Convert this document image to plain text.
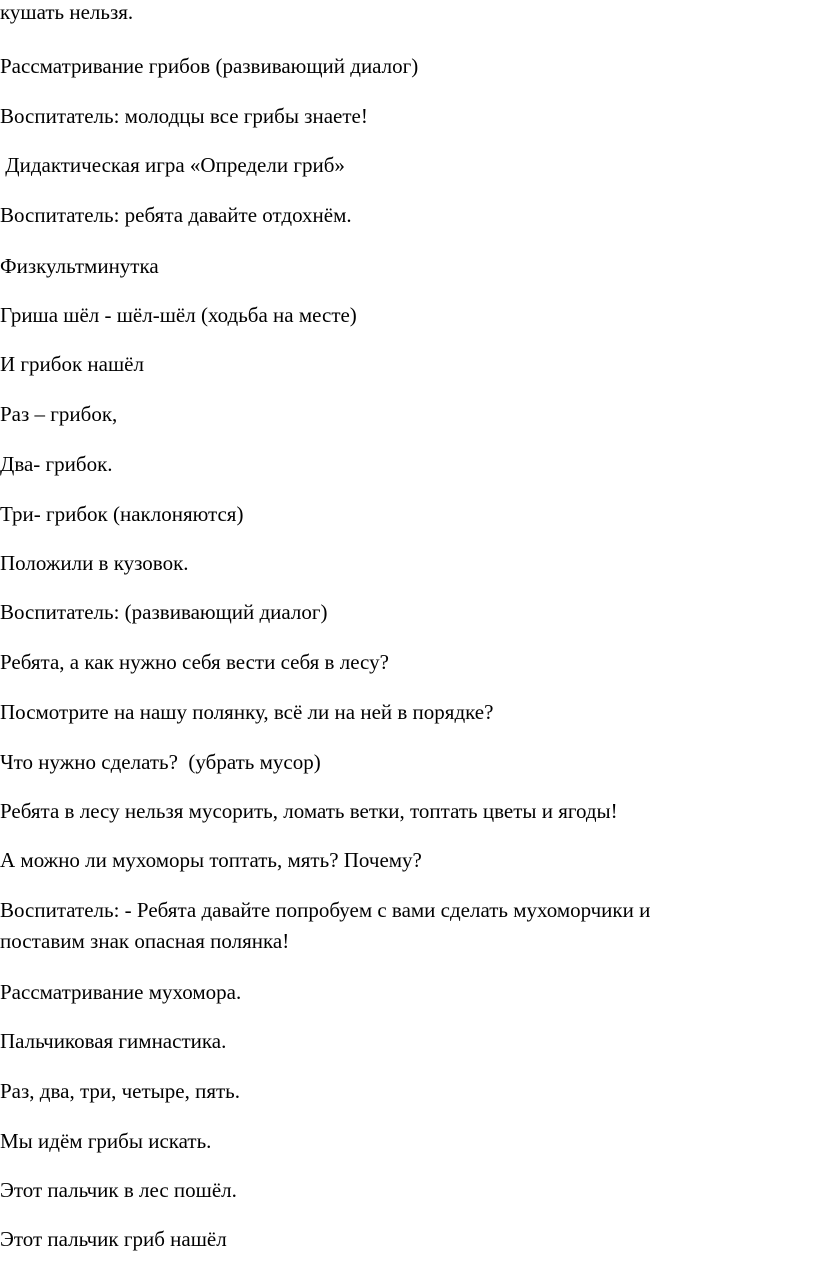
кушать нельзя.

Рассматривание грибов (развивающий диалог)

Воспитатель: молодцы все грибы знаете!

Дидактическая игра «Определи гриб»

Воспитатель: ребята давайте отдохнём.

Физкультминутка

Гриша шёл - шёл-шёл (ходьба на месте)

И грибок нашёл

Раз – грибок,

Два- грибок.

Три- грибок (наклоняются)

Положили в кузовок.

Воспитатель: (развивающий диалог)

Ребята, а как нужно себя вести себя в лесу?

Посмотрите на нашу полянку, всё ли на ней в порядке?

Что нужно сделать?  (убрать мусор)

Ребята в лесу нельзя мусорить, ломать ветки, топтать цветы и ягоды!

А можно ли мухоморы топтать, мять? Почему?

Воспитатель: - Ребята давайте попробуем с вами сделать мухоморчики и

поставим знак опасная полянка!

Рассматривание мухомора.

Пальчиковая гимнастика.

Раз, два, три, четыре, пять.

Мы идём грибы искать.

Этот пальчик в лес пошёл.

Этот пальчик гриб нашёл
